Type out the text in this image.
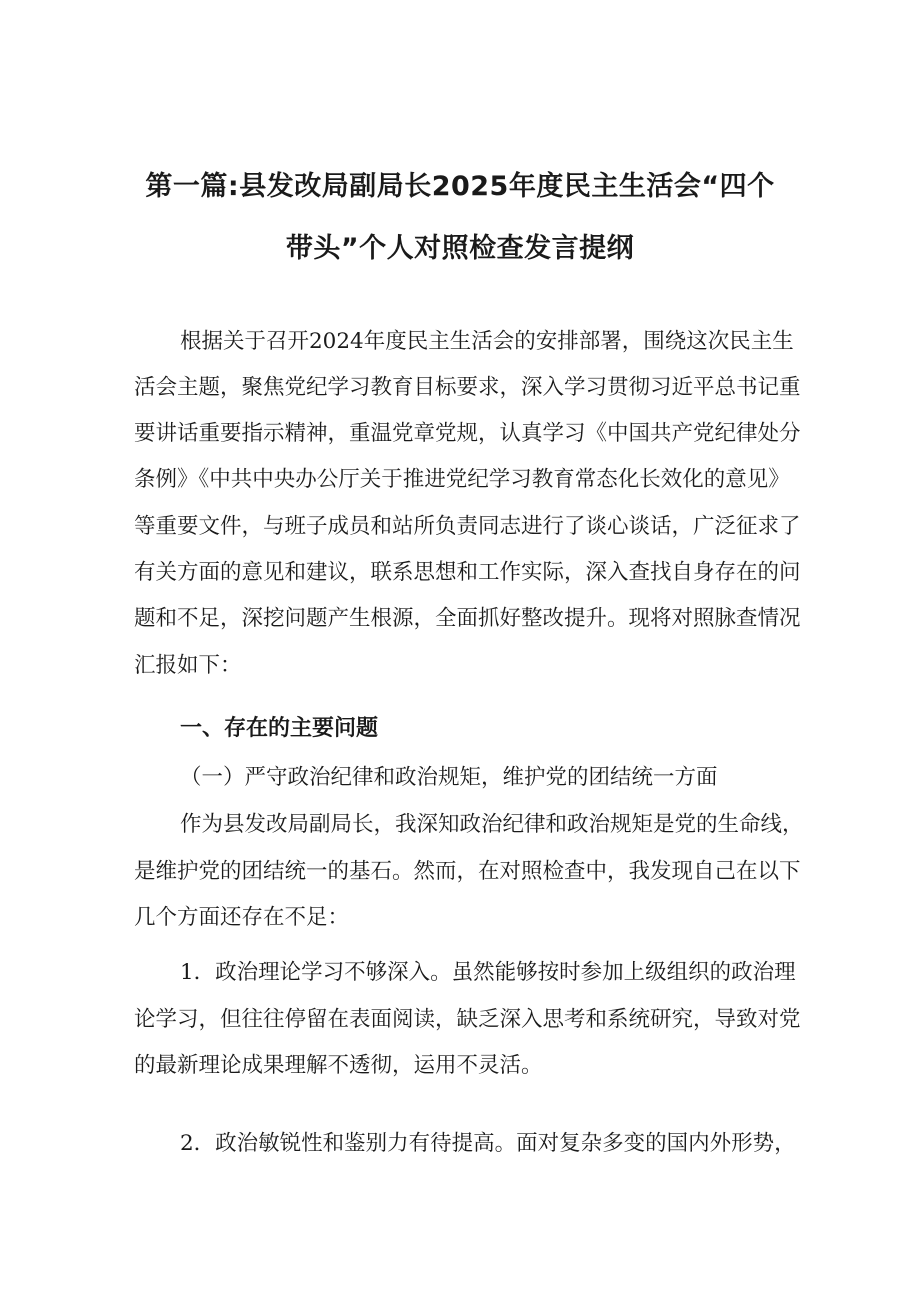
第一篇:县发改局副局长2025年度民主生活会“四个
带头”个人对照检查发言提纲

根据关于召开2024年度民主生活会的安排部署，围绕这次民主生

活会主题，聚焦党纪学习教育目标要求，深入学习贯彻习近平总书记重

要讲话重要指示精神，重温党章党规，认真学习《中国共产党纪律处分

条例》《中共中央办公厅关于推进党纪学习教育常态化长效化的意见》

等重要文件，与班子成员和站所负责同志进行了谈心谈话，广泛征求了

有关方面的意见和建议，联系思想和工作实际，深入查找自身存在的问

题和不足，深挖问题产生根源，全面抓好整改提升。现将对照脉查情况

汇报如下：

一、存在的主要问题

（一）严守政治纪律和政治规矩，维护党的团结统一方面

作为县发改局副局长，我深知政治纪律和政治规矩是党的生命线，

是维护党的团结统一的基石。然而，在对照检查中，我发现自己在以下

几个方面还存在不足：

1．政治理论学习不够深入。虽然能够按时参加上级组织的政治理

论学习，但往往停留在表面阅读，缺乏深入思考和系统研究，导致对党

的最新理论成果理解不透彻，运用不灵活。

2．政治敏锐性和鉴别力有待提高。面对复杂多变的国内外形势，
